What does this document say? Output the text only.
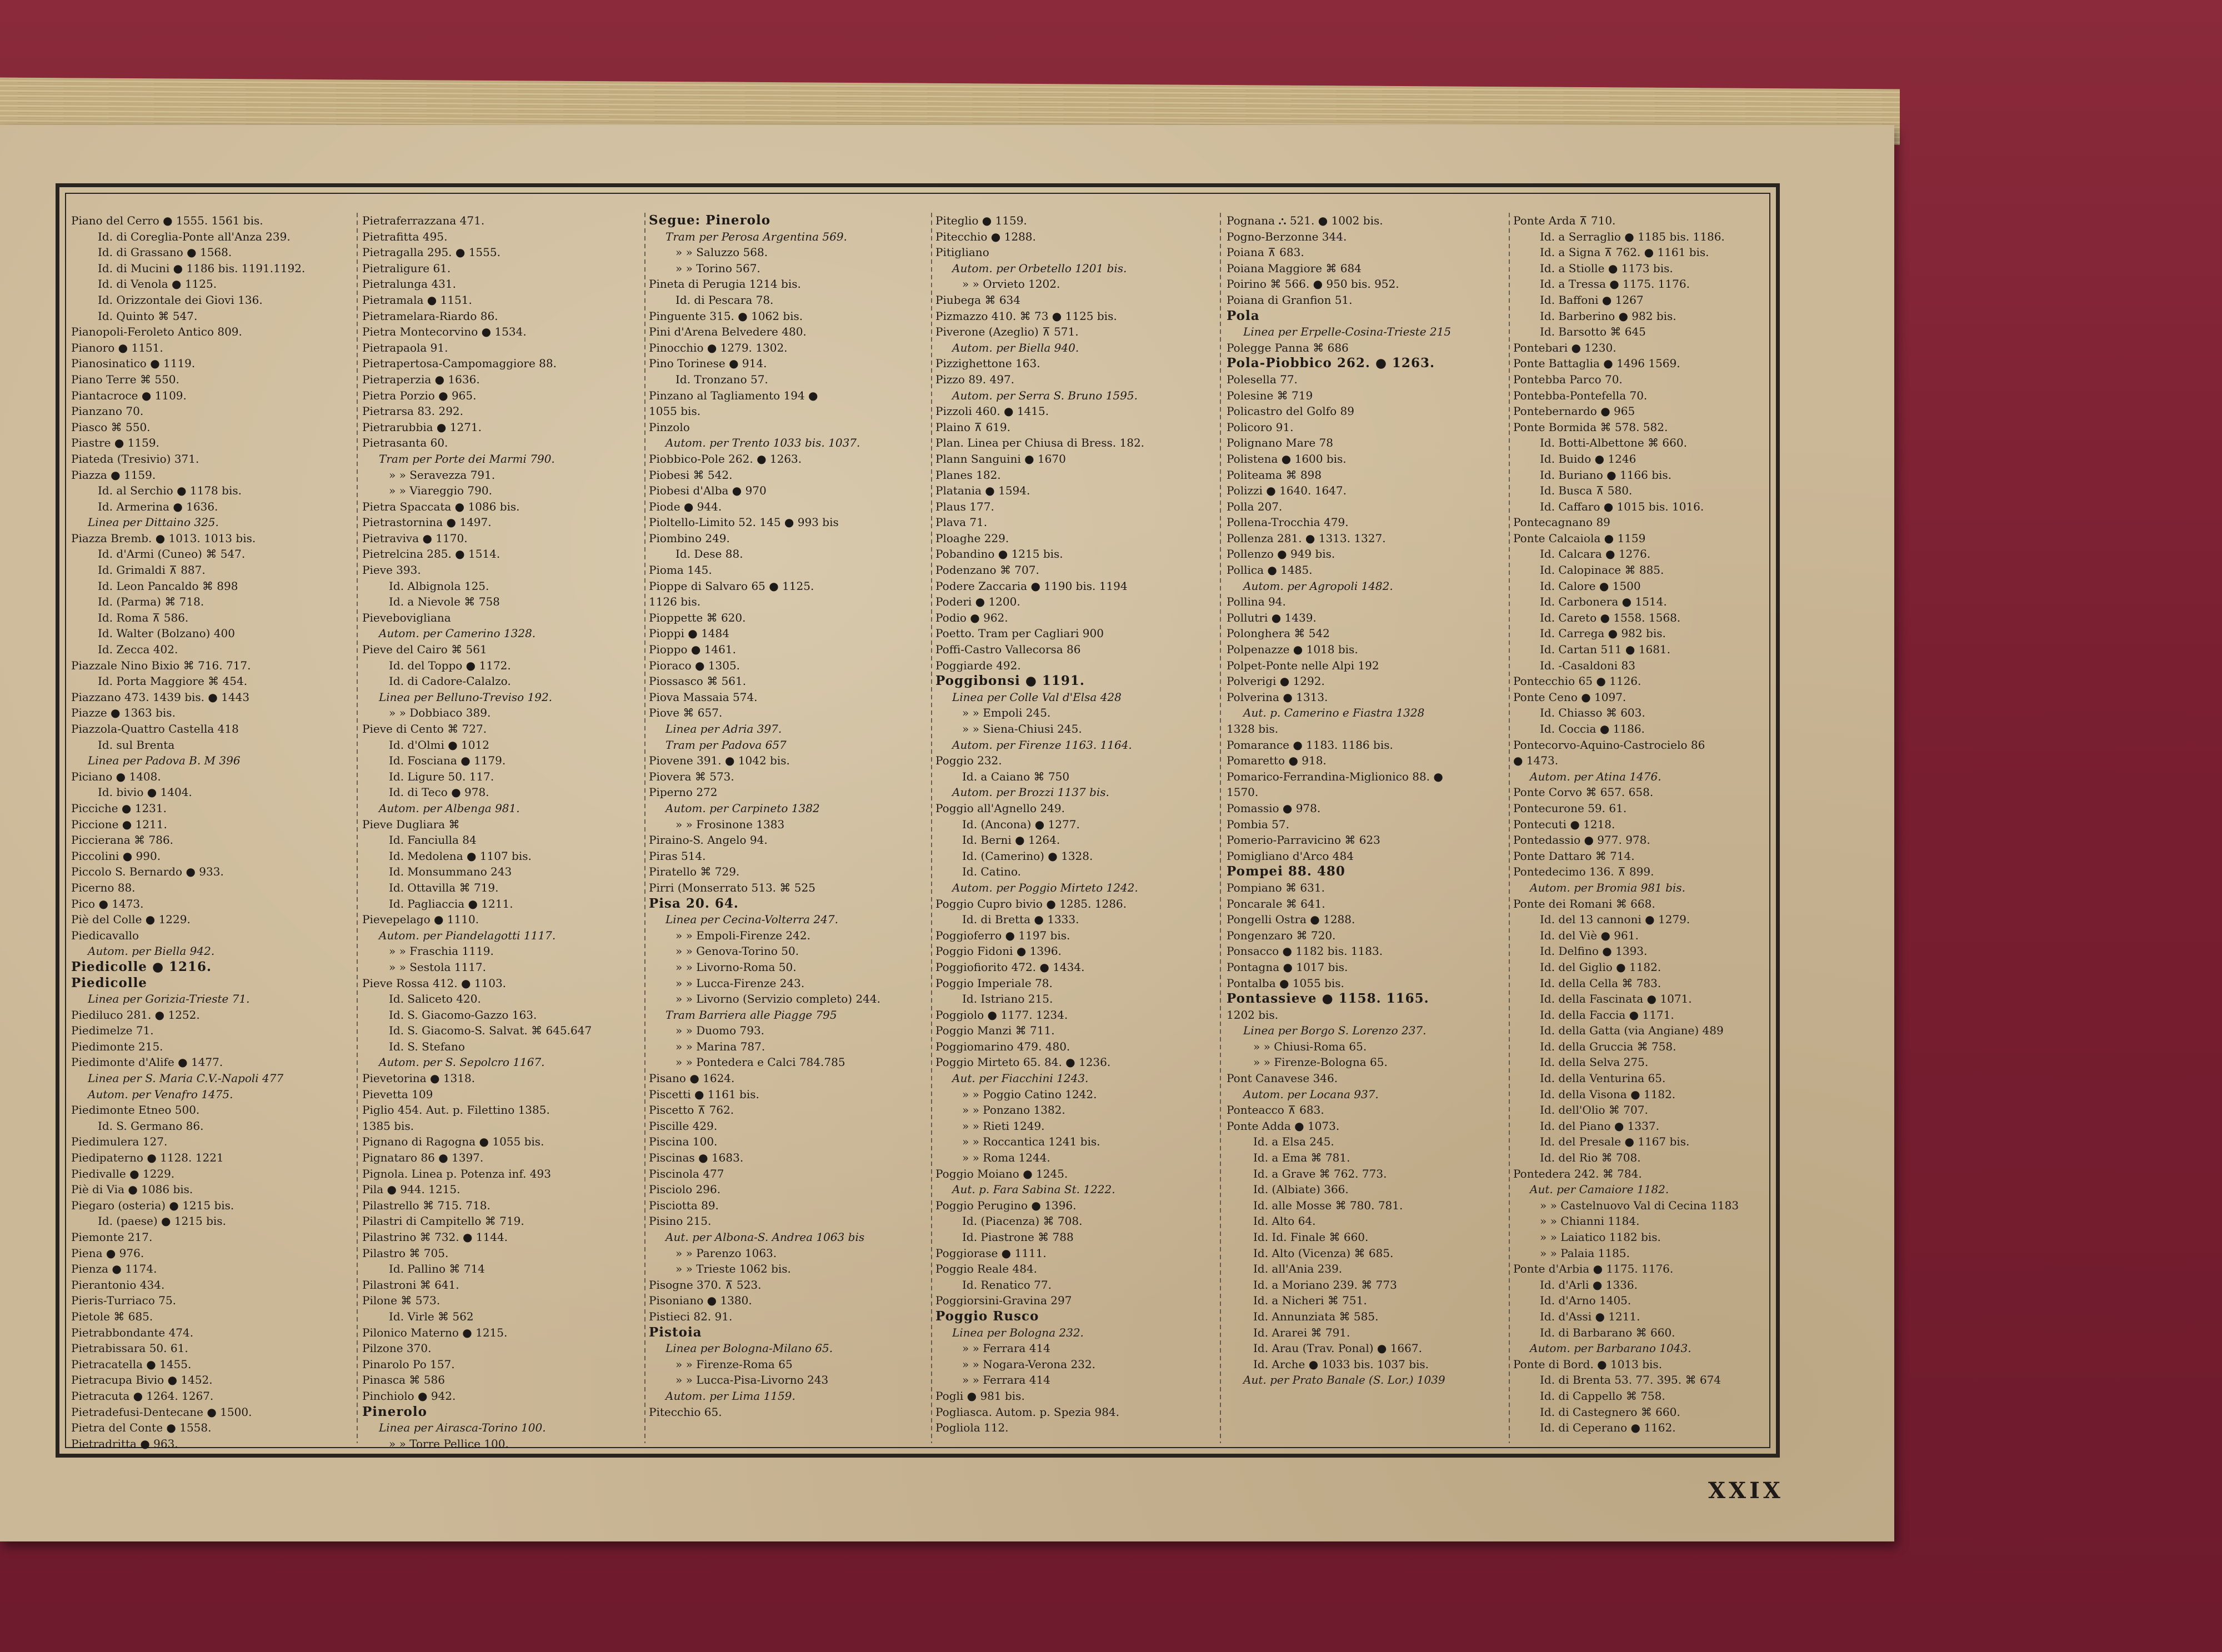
Piano del Cerro ● 1555. 1561 bis.
Id. di Coreglia-Ponte all'Anza 239.
Id. di Grassano ● 1568.
Id. di Mucini ● 1186 bis. 1191.1192.
Id. di Venola ● 1125.
Id. Orizzontale dei Giovi 136.
Id. Quinto ⌘ 547.
Pianopoli-Feroleto Antico 809.
Pianoro ● 1151.
Pianosinatico ● 1119.
Piano Terre ⌘ 550.
Piantacroce ● 1109.
Pianzano 70.
Piasco ⌘ 550.
Piastre ● 1159.
Piateda (Tresivio) 371.
Piazza ● 1159.
Id. al Serchio ● 1178 bis.
Id. Armerina ● 1636.
Linea per Dittaino 325.
Piazza Bremb. ● 1013. 1013 bis.
Id. d'Armi (Cuneo) ⌘ 547.
Id. Grimaldi ⊼ 887.
Id. Leon Pancaldo ⌘ 898
Id. (Parma) ⌘ 718.
Id. Roma ⊼ 586.
Id. Walter (Bolzano) 400
Id. Zecca 402.
Piazzale Nino Bixio ⌘ 716. 717.
Id. Porta Maggiore ⌘ 454.
Piazzano 473. 1439 bis. ● 1443
Piazze ● 1363 bis.
Piazzola-Quattro Castella 418
Id. sul Brenta
Linea per Padova B. M 396
Piciano ● 1408.
Id. bivio ● 1404.
Picciche ● 1231.
Piccione ● 1211.
Piccierana ⌘ 786.
Piccolini ● 990.
Piccolo S. Bernardo ● 933.
Picerno 88.
Pico ● 1473.
Piè del Colle ● 1229.
Piedicavallo
Autom. per Biella 942.
Piedicolle ● 1216.
Piedicolle
Linea per Gorizia-Trieste 71.
Piediluco 281. ● 1252.
Piedimelze 71.
Piedimonte 215.
Piedimonte d'Alife ● 1477.
Linea per S. Maria C.V.-Napoli 477
Autom. per Venafro 1475.
Piedimonte Etneo 500.
Id. S. Germano 86.
Piedimulera 127.
Piedipaterno ● 1128. 1221
Piedivalle ● 1229.
Piè di Via ● 1086 bis.
Piegaro (osteria) ● 1215 bis.
Id. (paese) ● 1215 bis.
Piemonte 217.
Piena ● 976.
Pienza ● 1174.
Pierantonio 434.
Pieris-Turriaco 75.
Pietole ⌘ 685.
Pietrabbondante 474.
Pietrabissara 50. 61.
Pietracatella ● 1455.
Pietracupa Bivio ● 1452.
Pietracuta ● 1264. 1267.
Pietradefusi-Dentecane ● 1500.
Pietra del Conte ● 1558.
Pietradritta ● 963.
Pietraferrazzana 471.
Pietrafitta 495.
Pietragalla 295. ● 1555.
Pietraligure 61.
Pietralunga 431.
Pietramala ● 1151.
Pietramelara-Riardo 86.
Pietra Montecorvino ● 1534.
Pietrapaola 91.
Pietrapertosa-Campomaggiore 88.
Pietraperzia ● 1636.
Pietra Porzio ● 965.
Pietrarsa 83. 292.
Pietrarubbia ● 1271.
Pietrasanta 60.
Tram per Porte dei Marmi 790.
» » Seravezza 791.
» » Viareggio 790.
Pietra Spaccata ● 1086 bis.
Pietrastornina ● 1497.
Pietraviva ● 1170.
Pietrelcina 285. ● 1514.
Pieve 393.
Id. Albignola 125.
Id. a Nievole ⌘ 758
Pievebovigliana
Autom. per Camerino 1328.
Pieve del Cairo ⌘ 561
Id. del Toppo ● 1172.
Id. di Cadore-Calalzo.
Linea per Belluno-Treviso 192.
» » Dobbiaco 389.
Pieve di Cento ⌘ 727.
Id. d'Olmi ● 1012
Id. Fosciana ● 1179.
Id. Ligure 50. 117.
Id. di Teco ● 978.
Autom. per Albenga 981.
Pieve Dugliara ⌘
Id. Fanciulla 84
Id. Medolena ● 1107 bis.
Id. Monsummano 243
Id. Ottavilla ⌘ 719.
Id. Pagliaccia ● 1211.
Pievepelago ● 1110.
Autom. per Piandelagotti 1117.
» » Fraschia 1119.
» » Sestola 1117.
Pieve Rossa 412. ● 1103.
Id. Saliceto 420.
Id. S. Giacomo-Gazzo 163.
Id. S. Giacomo-S. Salvat. ⌘ 645.647
Id. S. Stefano
Autom. per S. Sepolcro 1167.
Pievetorina ● 1318.
Pievetta 109
Piglio 454. Aut. p. Filettino 1385.
1385 bis.
Pignano di Ragogna ● 1055 bis.
Pignataro 86 ● 1397.
Pignola. Linea p. Potenza inf. 493
Pila ● 944. 1215.
Pilastrello ⌘ 715. 718.
Pilastri di Campitello ⌘ 719.
Pilastrino ⌘ 732. ● 1144.
Pilastro ⌘ 705.
Id. Pallino ⌘ 714
Pilastroni ⌘ 641.
Pilone ⌘ 573.
Id. Virle ⌘ 562
Pilonico Materno ● 1215.
Pilzone 370.
Pinarolo Po 157.
Pinasca ⌘ 586
Pinchiolo ● 942.
Pinerolo
Linea per Airasca-Torino 100.
» » Torre Pellice 100.
Segue: Pinerolo
Tram per Perosa Argentina 569.
» » Saluzzo 568.
» » Torino 567.
Pineta di Perugia 1214 bis.
Id. di Pescara 78.
Pinguente 315. ● 1062 bis.
Pini d'Arena Belvedere 480.
Pinocchio ● 1279. 1302.
Pino Torinese ● 914.
Id. Tronzano 57.
Pinzano al Tagliamento 194 ●
1055 bis.
Pinzolo
Autom. per Trento 1033 bis. 1037.
Piobbico-Pole 262. ● 1263.
Piobesi ⌘ 542.
Piobesi d'Alba ● 970
Piode ● 944.
Pioltello-Limito 52. 145 ● 993 bis
Piombino 249.
Id. Dese 88.
Pioma 145.
Pioppe di Salvaro 65 ● 1125.
1126 bis.
Pioppette ⌘ 620.
Pioppi ● 1484
Pioppo ● 1461.
Pioraco ● 1305.
Piossasco ⌘ 561.
Piova Massaia 574.
Piove ⌘ 657.
Linea per Adria 397.
Tram per Padova 657
Piovene 391. ● 1042 bis.
Piovera ⌘ 573.
Piperno 272
Autom. per Carpineto 1382
» » Frosinone 1383
Piraino-S. Angelo 94.
Piras 514.
Piratello ⌘ 729.
Pirri (Monserrato 513. ⌘ 525
Pisa 20. 64.
Linea per Cecina-Volterra 247.
» » Empoli-Firenze 242.
» » Genova-Torino 50.
» » Livorno-Roma 50.
» » Lucca-Firenze 243.
» » Livorno (Servizio completo) 244.
Tram Barriera alle Piagge 795
» » Duomo 793.
» » Marina 787.
» » Pontedera e Calci 784.785
Pisano ● 1624.
Piscetti ● 1161 bis.
Piscetto ⊼ 762.
Piscille 429.
Piscina 100.
Piscinas ● 1683.
Piscinola 477
Pisciolo 296.
Pisciotta 89.
Pisino 215.
Aut. per Albona-S. Andrea 1063 bis
» » Parenzo 1063.
» » Trieste 1062 bis.
Pisogne 370. ⊼ 523.
Pisoniano ● 1380.
Pistieci 82. 91.
Pistoia
Linea per Bologna-Milano 65.
» » Firenze-Roma 65
» » Lucca-Pisa-Livorno 243
Autom. per Lima 1159.
Pitecchio 65.
Piteglio ● 1159.
Pitecchio ● 1288.
Pitigliano
Autom. per Orbetello 1201 bis.
» » Orvieto 1202.
Piubega ⌘ 634
Pizmazzo 410. ⌘ 73 ● 1125 bis.
Piverone (Azeglio) ⊼ 571.
Autom. per Biella 940.
Pizzighettone 163.
Pizzo 89. 497.
Autom. per Serra S. Bruno 1595.
Pizzoli 460. ● 1415.
Plaino ⊼ 619.
Plan. Linea per Chiusa di Bress. 182.
Plann Sanguini ● 1670
Planes 182.
Platania ● 1594.
Plaus 177.
Plava 71.
Ploaghe 229.
Pobandino ● 1215 bis.
Podenzano ⌘ 707.
Podere Zaccaria ● 1190 bis. 1194
Poderi ● 1200.
Podio ● 962.
Poetto. Tram per Cagliari 900
Poffi-Castro Vallecorsa 86
Poggiarde 492.
Poggibonsi ● 1191.
Linea per Colle Val d'Elsa 428
» » Empoli 245.
» » Siena-Chiusi 245.
Autom. per Firenze 1163. 1164.
Poggio 232.
Id. a Caiano ⌘ 750
Autom. per Brozzi 1137 bis.
Poggio all'Agnello 249.
Id. (Ancona) ● 1277.
Id. Berni ● 1264.
Id. (Camerino) ● 1328.
Id. Catino.
Autom. per Poggio Mirteto 1242.
Poggio Cupro bivio ● 1285. 1286.
Id. di Bretta ● 1333.
Poggioferro ● 1197 bis.
Poggio Fidoni ● 1396.
Poggiofiorito 472. ● 1434.
Poggio Imperiale 78.
Id. Istriano 215.
Poggiolo ● 1177. 1234.
Poggio Manzi ⌘ 711.
Poggiomarino 479. 480.
Poggio Mirteto 65. 84. ● 1236.
Aut. per Fiacchini 1243.
» » Poggio Catino 1242.
» » Ponzano 1382.
» » Rieti 1249.
» » Roccantica 1241 bis.
» » Roma 1244.
Poggio Moiano ● 1245.
Aut. p. Fara Sabina St. 1222.
Poggio Perugino ● 1396.
Id. (Piacenza) ⌘ 708.
Id. Piastrone ⌘ 788
Poggiorase ● 1111.
Poggio Reale 484.
Id. Renatico 77.
Poggiorsini-Gravina 297
Poggio Rusco
Linea per Bologna 232.
» » Ferrara 414
» » Nogara-Verona 232.
» » Ferrara 414
Pogli ● 981 bis.
Pogliasca. Autom. p. Spezia 984.
Pogliola 112.
Pognana ⛬ 521. ● 1002 bis.
Pogno-Berzonne 344.
Poiana ⊼ 683.
Poiana Maggiore ⌘ 684
Poirino ⌘ 566. ● 950 bis. 952.
Poiana di Granfion 51.
Pola
Linea per Erpelle-Cosina-Trieste 215
Polegge Panna ⌘ 686
Pola-Piobbico 262. ● 1263.
Polesella 77.
Polesine ⌘ 719
Policastro del Golfo 89
Policoro 91.
Polignano Mare 78
Polistena ● 1600 bis.
Politeama ⌘ 898
Polizzi ● 1640. 1647.
Polla 207.
Pollena-Trocchia 479.
Pollenza 281. ● 1313. 1327.
Pollenzo ● 949 bis.
Pollica ● 1485.
Autom. per Agropoli 1482.
Pollina 94.
Pollutri ● 1439.
Polonghera ⌘ 542
Polpenazze ● 1018 bis.
Polpet-Ponte nelle Alpi 192
Polverigi ● 1292.
Polverina ● 1313.
Aut. p. Camerino e Fiastra 1328
1328 bis.
Pomarance ● 1183. 1186 bis.
Pomaretto ● 918.
Pomarico-Ferrandina-Miglionico 88. ●
1570.
Pomassio ● 978.
Pombia 57.
Pomerio-Parravicino ⌘ 623
Pomigliano d'Arco 484
Pompei 88. 480
Pompiano ⌘ 631.
Poncarale ⌘ 641.
Pongelli Ostra ● 1288.
Pongenzaro ⌘ 720.
Ponsacco ● 1182 bis. 1183.
Pontagna ● 1017 bis.
Pontalba ● 1055 bis.
Pontassieve ● 1158. 1165.
1202 bis.
Linea per Borgo S. Lorenzo 237.
» » Chiusi-Roma 65.
» » Firenze-Bologna 65.
Pont Canavese 346.
Autom. per Locana 937.
Ponteacco ⊼ 683.
Ponte Adda ● 1073.
Id. a Elsa 245.
Id. a Ema ⌘ 781.
Id. a Grave ⌘ 762. 773.
Id. (Albiate) 366.
Id. alle Mosse ⌘ 780. 781.
Id. Alto 64.
Id. Id. Finale ⌘ 660.
Id. Alto (Vicenza) ⌘ 685.
Id. all'Ania 239.
Id. a Moriano 239. ⌘ 773
Id. a Nicheri ⌘ 751.
Id. Annunziata ⌘ 585.
Id. Ararei ⌘ 791.
Id. Arau (Trav. Ponal) ● 1667.
Id. Arche ● 1033 bis. 1037 bis.
Aut. per Prato Banale (S. Lor.) 1039
Ponte Arda ⊼ 710.
Id. a Serraglio ● 1185 bis. 1186.
Id. a Signa ⊼ 762. ● 1161 bis.
Id. a Stiolle ● 1173 bis.
Id. a Tressa ● 1175. 1176.
Id. Baffoni ● 1267
Id. Barberino ● 982 bis.
Id. Barsotto ⌘ 645
Pontebari ● 1230.
Ponte Battaglia ● 1496 1569.
Pontebba Parco 70.
Pontebba-Pontefella 70.
Pontebernardo ● 965
Ponte Bormida ⌘ 578. 582.
Id. Botti-Albettone ⌘ 660.
Id. Buido ● 1246
Id. Buriano ● 1166 bis.
Id. Busca ⊼ 580.
Id. Caffaro ● 1015 bis. 1016.
Pontecagnano 89
Ponte Calcaiola ● 1159
Id. Calcara ● 1276.
Id. Calopinace ⌘ 885.
Id. Calore ● 1500
Id. Carbonera ● 1514.
Id. Careto ● 1558. 1568.
Id. Carrega ● 982 bis.
Id. Cartan 511 ● 1681.
Id. -Casaldoni 83
Pontecchio 65 ● 1126.
Ponte Ceno ● 1097.
Id. Chiasso ⌘ 603.
Id. Coccia ● 1186.
Pontecorvo-Aquino-Castrocielo 86
● 1473.
Autom. per Atina 1476.
Ponte Corvo ⌘ 657. 658.
Pontecurone 59. 61.
Pontecuti ● 1218.
Pontedassio ● 977. 978.
Ponte Dattaro ⌘ 714.
Pontedecimo 136. ⊼ 899.
Autom. per Bromia 981 bis.
Ponte dei Romani ⌘ 668.
Id. del 13 cannoni ● 1279.
Id. del Viè ● 961.
Id. Delfino ● 1393.
Id. del Giglio ● 1182.
Id. della Cella ⌘ 783.
Id. della Fascinata ● 1071.
Id. della Faccia ● 1171.
Id. della Gatta (via Angiane) 489
Id. della Gruccia ⌘ 758.
Id. della Selva 275.
Id. della Venturina 65.
Id. della Visona ● 1182.
Id. dell'Olio ⌘ 707.
Id. del Piano ● 1337.
Id. del Presale ● 1167 bis.
Id. del Rio ⌘ 708.
Pontedera 242. ⌘ 784.
Aut. per Camaiore 1182.
» » Castelnuovo Val di Cecina 1183
» » Chianni 1184.
» » Laiatico 1182 bis.
» » Palaia 1185.
Ponte d'Arbia ● 1175. 1176.
Id. d'Arli ● 1336.
Id. d'Arno 1405.
Id. d'Assi ● 1211.
Id. di Barbarano ⌘ 660.
Autom. per Barbarano 1043.
Ponte di Bord. ● 1013 bis.
Id. di Brenta 53. 77. 395. ⌘ 674
Id. di Cappello ⌘ 758.
Id. di Castegnero ⌘ 660.
Id. di Ceperano ● 1162.
XXIX
